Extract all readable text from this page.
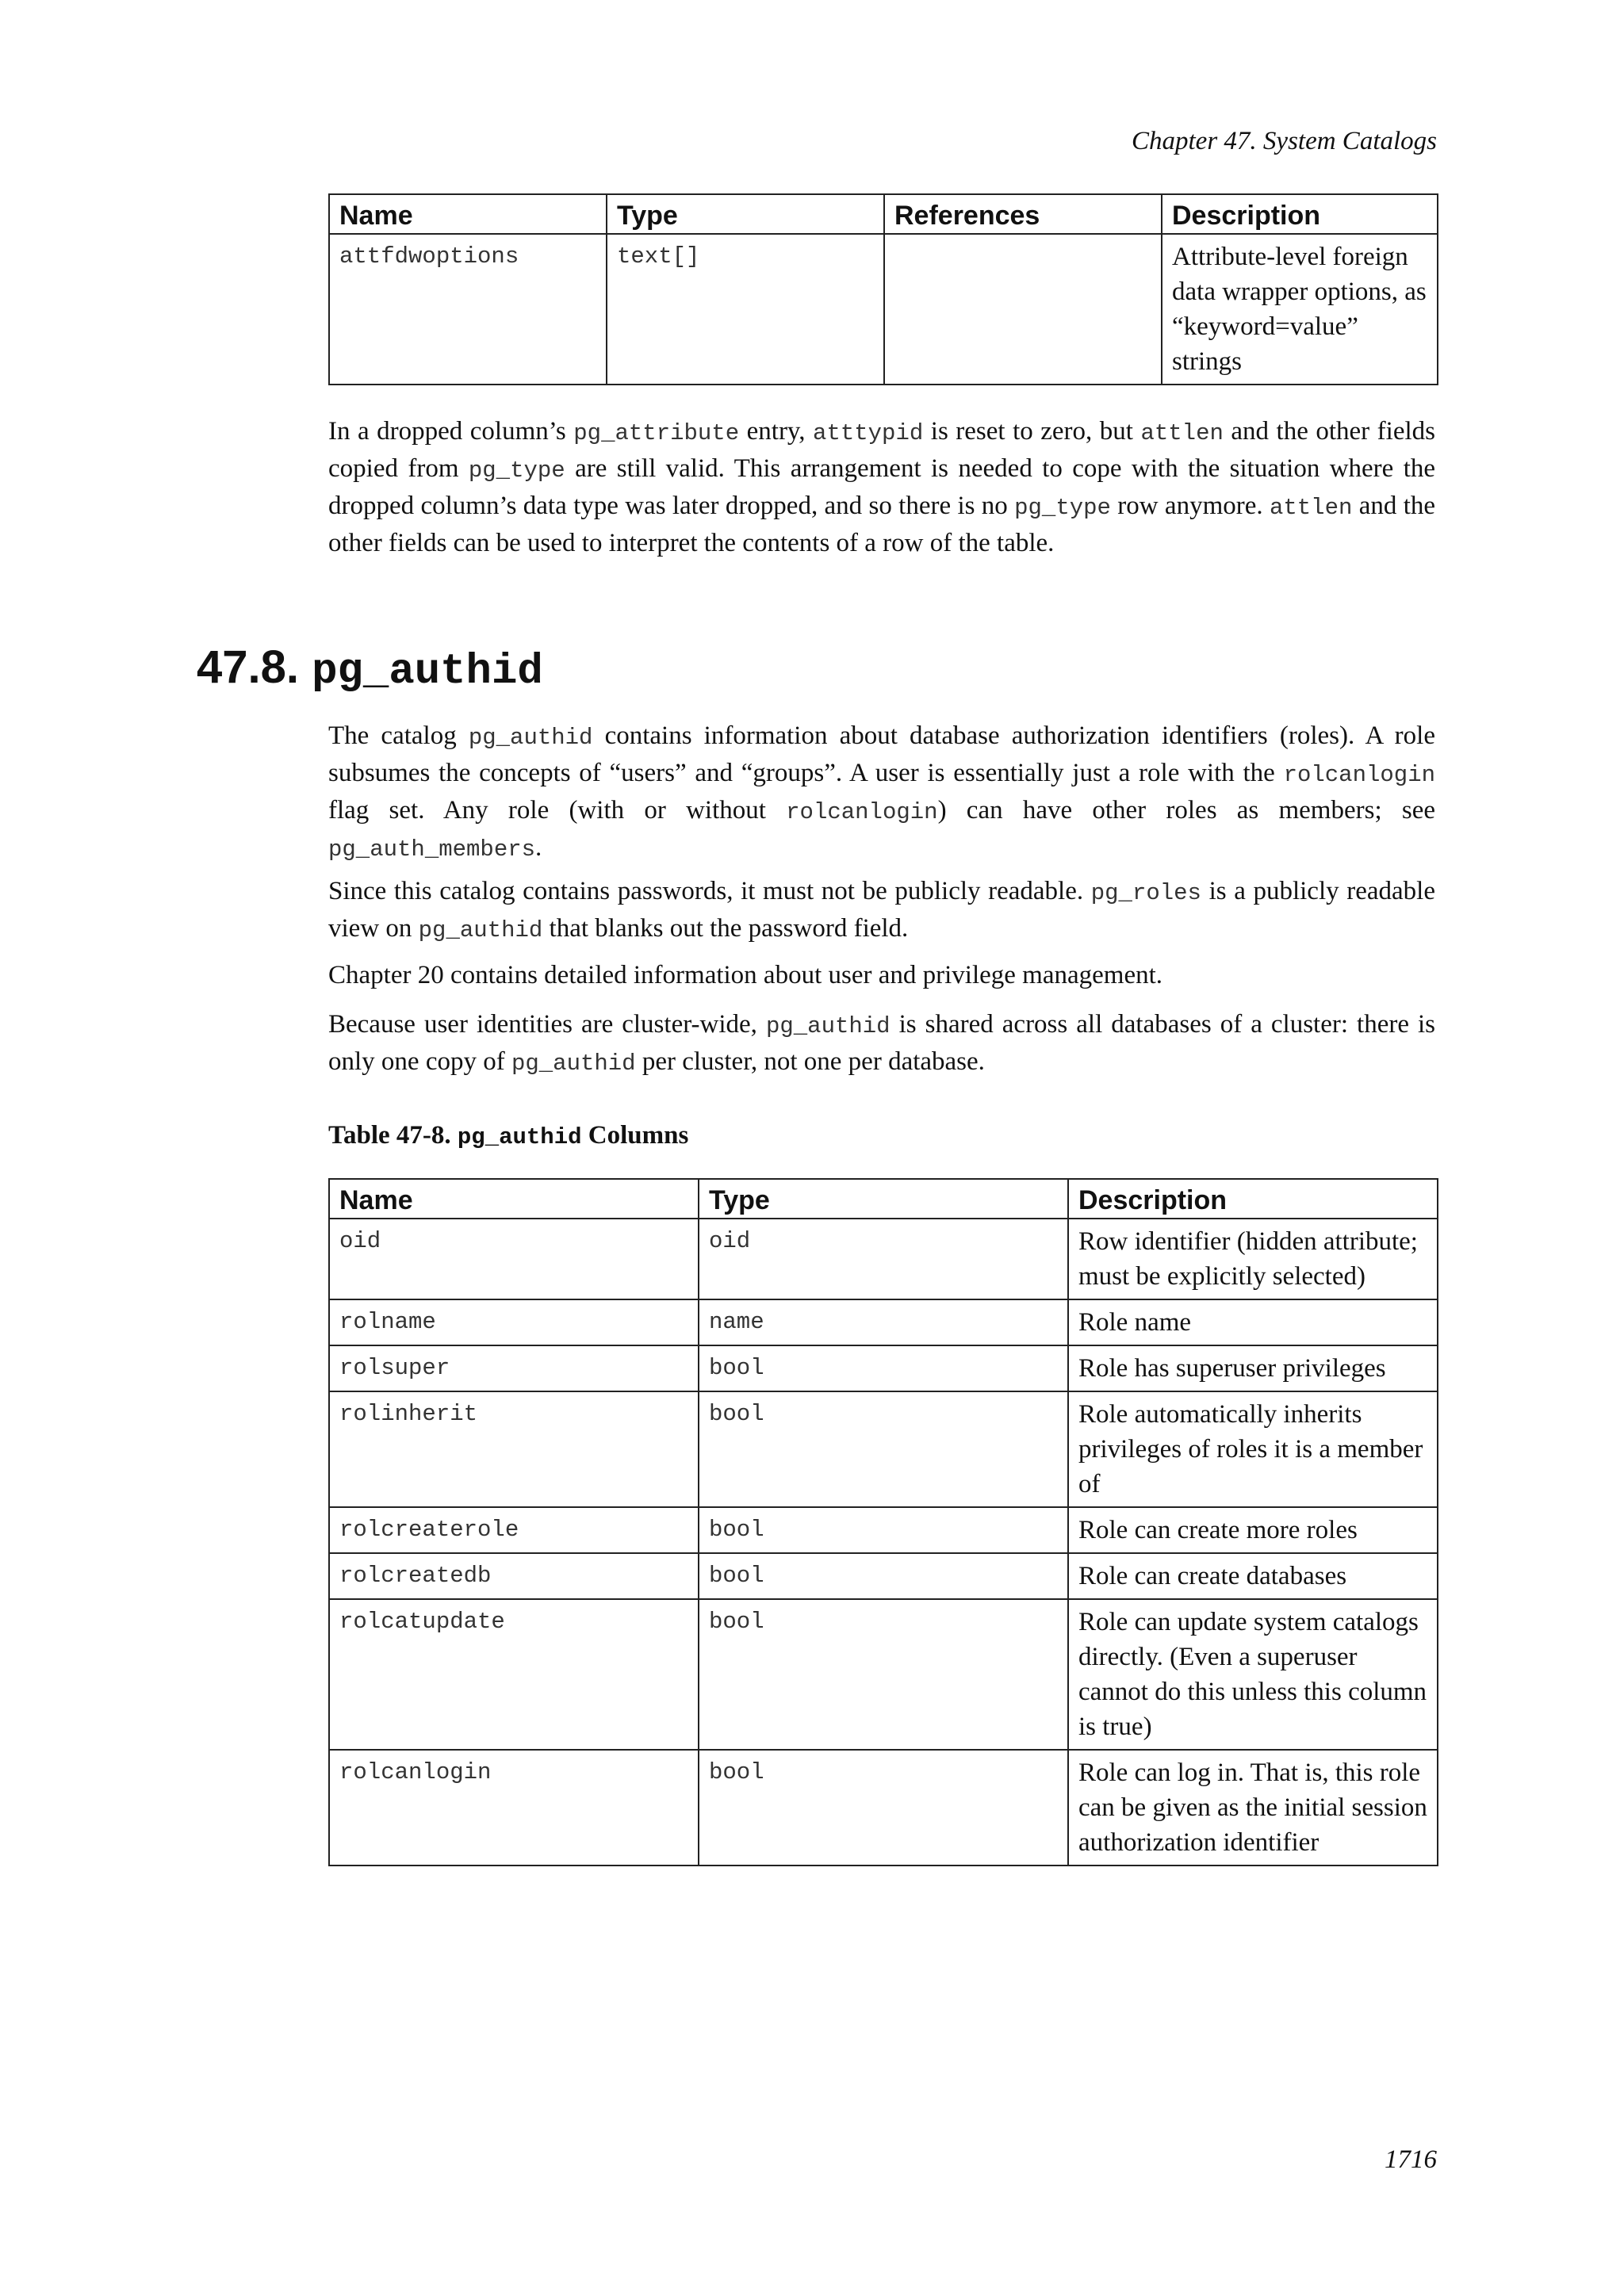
Chapter 47. System Catalogs
Name	Type	References	Description
attfdwoptions	text[]		Attribute-level foreign data wrapper options, as “keyword=value” strings

In a dropped column’s pg_attribute entry, atttypid is reset to zero, but attlen and the other fields copied from pg_type are still valid. This arrangement is needed to cope with the situation where the dropped column’s data type was later dropped, and so there is no pg_type row anymore. attlen and the other fields can be used to interpret the contents of a row of the table.

47.8. pg_authid

The catalog pg_authid contains information about database authorization identifiers (roles). A role subsumes the concepts of “users” and “groups”. A user is essentially just a role with the rolcanlogin flag set. Any role (with or without rolcanlogin) can have other roles as members; see pg_auth_members.

Since this catalog contains passwords, it must not be publicly readable. pg_roles is a publicly readable view on pg_authid that blanks out the password field.

Chapter 20 contains detailed information about user and privilege management.

Because user identities are cluster-wide, pg_authid is shared across all databases of a cluster: there is only one copy of pg_authid per cluster, not one per database.

Table 47-8. pg_authid Columns

Name	Type	Description
oid	oid	Row identifier (hidden attribute; must be explicitly selected)
rolname	name	Role name
rolsuper	bool	Role has superuser privileges
rolinherit	bool	Role automatically inherits privileges of roles it is a member of
rolcreaterole	bool	Role can create more roles
rolcreatedb	bool	Role can create databases
rolcatupdate	bool	Role can update system catalogs directly. (Even a superuser cannot do this unless this column is true)
rolcanlogin	bool	Role can log in. That is, this role can be given as the initial session authorization identifier
1716
